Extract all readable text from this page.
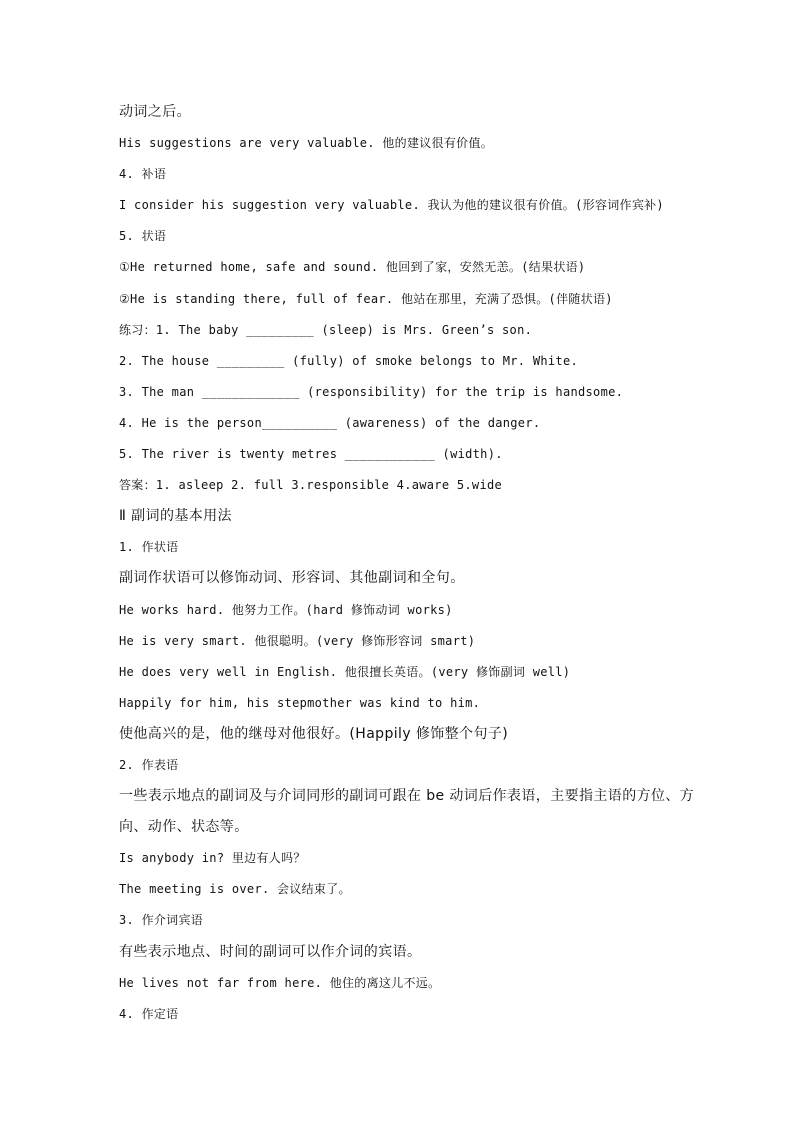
动词之后。
His suggestions are very valuable. 他的建议很有价值。
4. 补语
I consider his suggestion very valuable. 我认为他的建议很有价值。(形容词作宾补)
5. 状语
①He returned home, safe and sound. 他回到了家，安然无恙。(结果状语)
②He is standing there, full of fear. 他站在那里，充满了恐惧。(伴随状语)
练习：1. The baby _________ (sleep) is Mrs. Green’s son.
2. The house _________ (fully) of smoke belongs to Mr. White.
3. The man _____________ (responsibility) for the trip is handsome.
4. He is the person__________ (awareness) of the danger.
5. The river is twenty metres ____________ (width).
答案：1. asleep 2. full 3.responsible 4.aware 5.wide
Ⅱ 副词的基本用法
1. 作状语
副词作状语可以修饰动词、形容词、其他副词和全句。
He works hard. 他努力工作。(hard 修饰动词 works)
He is very smart. 他很聪明。(very 修饰形容词 smart)
He does very well in English. 他很擅长英语。(very 修饰副词 well)
Happily for him, his stepmother was kind to him.
使他高兴的是，他的继母对他很好。(Happily 修饰整个句子)
2. 作表语
一些表示地点的副词及与介词同形的副词可跟在 be 动词后作表语，主要指主语的方位、方
向、动作、状态等。
Is anybody in? 里边有人吗？
The meeting is over. 会议结束了。
3. 作介词宾语
有些表示地点、时间的副词可以作介词的宾语。
He lives not far from here. 他住的离这儿不远。
4. 作定语
